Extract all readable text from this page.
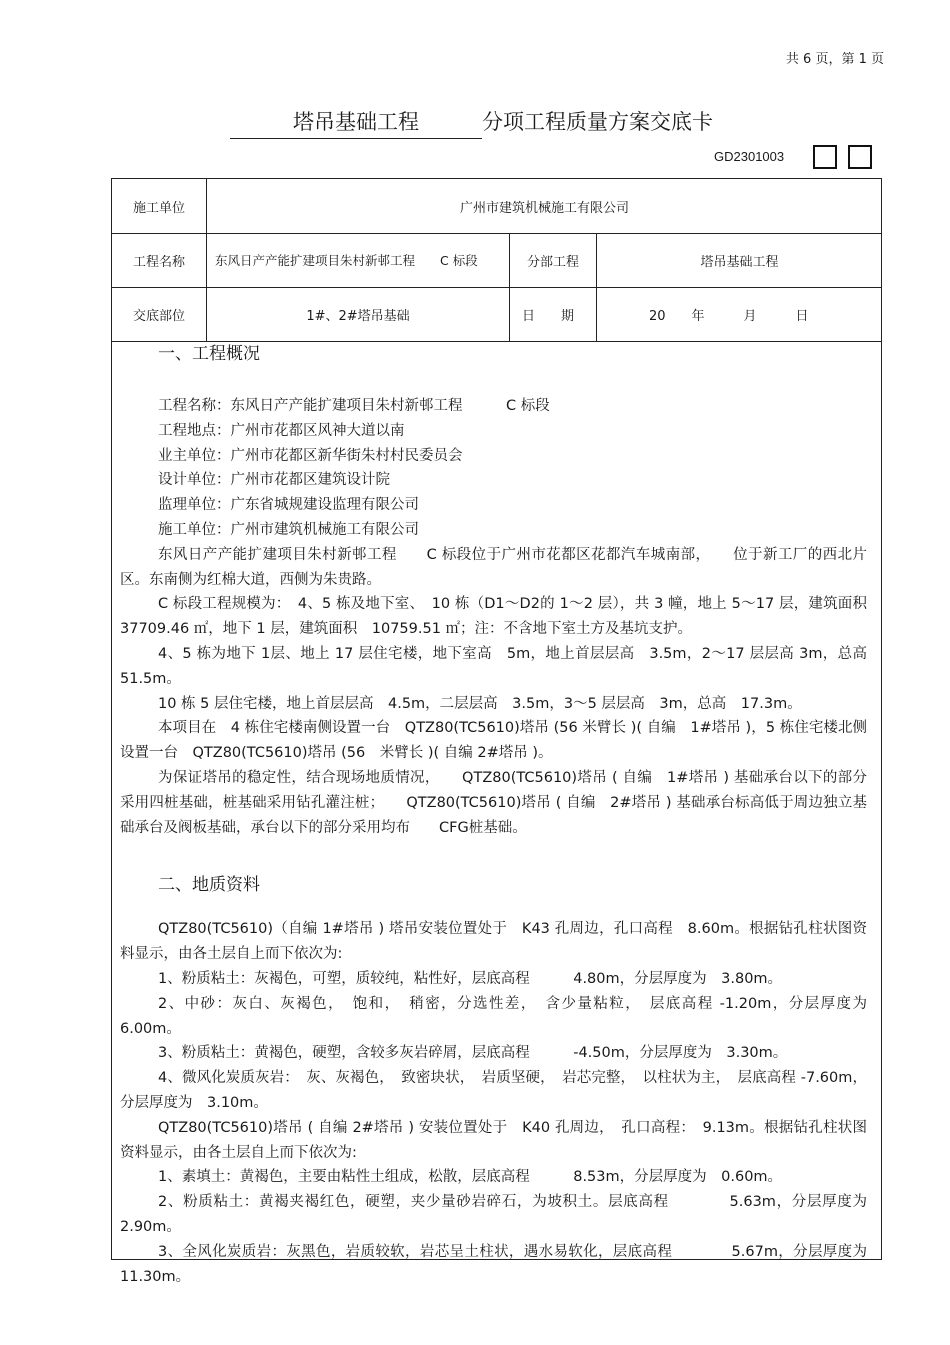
共 6 页，第 1 页
塔吊基础工程	分项工程质量方案交底卡
GD2301003
施工单位	广州市建筑机械施工有限公司
工程名称	东风日产产能扩建项目朱村新邨工程　　C 标段	分部工程	塔吊基础工程
交底部位	1#、2#塔吊基础	日　　期	20　　年　　　月　　　日
一、工程概况

工程名称：东风日产产能扩建项目朱村新邨工程　　　C 标段

工程地点：广州市花都区风神大道以南

业主单位：广州市花都区新华街朱村村民委员会

设计单位：广州市花都区建筑设计院

监理单位：广东省城规建设监理有限公司

施工单位：广州市建筑机械施工有限公司

东风日产产能扩建项目朱村新邨工程　　C 标段位于广州市花都区花都汽车城南部，　　位于新工厂的西北片区。东南侧为红棉大道，西侧为朱贵路。

C 标段工程规模为：　4、5 栋及地下室、　10 栋（D1～D2的 1～2 层），共 3 幢，地上 5～17 层，建筑面积 37709.46 ㎡，地下 1 层，建筑面积　10759.51 ㎡；注：不含地下室土方及基坑支护。

4、5 栋为地下 1层、地上 17 层住宅楼，地下室高　5m，地上首层层高　3.5m，2～17 层层高 3m，总高 51.5m。

10 栋 5 层住宅楼，地上首层层高　4.5m，二层层高　3.5m，3～5 层层高　3m，总高　17.3m。

本项目在　4 栋住宅楼南侧设置一台　QTZ80(TC5610)塔吊 (56 米臂长 )( 自编　1#塔吊 )，5 栋住宅楼北侧设置一台　QTZ80(TC5610)塔吊 (56　米臂长 )( 自编 2#塔吊 )。

为保证塔吊的稳定性，结合现场地质情况，　　QTZ80(TC5610)塔吊 ( 自编　1#塔吊 ) 基础承台以下的部分采用四桩基础，桩基础采用钻孔灌注桩；　　QTZ80(TC5610)塔吊 ( 自编　2#塔吊 ) 基础承台标高低于周边独立基础承台及阀板基础，承台以下的部分采用均布　　CFG桩基础。

二、地质资料

QTZ80(TC5610)（自编 1#塔吊 ) 塔吊安装位置处于　K43 孔周边，孔口高程　8.60m。根据钻孔柱状图资料显示，由各土层自上而下依次为:

1、粉质粘土：灰褐色，可塑，质较纯，粘性好，层底高程　　　4.80m，分层厚度为　3.80m。

2、中砂：灰白、灰褐色，　饱和，　稍密，分选性差，　含少量粘粒，　层底高程 -1.20m，分层厚度为　6.00m。

3、粉质粘土：黄褐色，硬塑，含较多灰岩碎屑，层底高程　　　-4.50m，分层厚度为　3.30m。

4、微风化炭质灰岩：　灰、灰褐色，　致密块状，　岩质坚硬，　岩芯完整，　以柱状为主，　层底高程 -7.60m，分层厚度为　3.10m。

QTZ80(TC5610)塔吊 ( 自编 2#塔吊 ) 安装位置处于　K40 孔周边，　孔口高程：　9.13m。根据钻孔柱状图资料显示，由各土层自上而下依次为:

1、素填土：黄褐色，主要由粘性土组成，松散，层底高程　　　8.53m，分层厚度为　0.60m。

2、粉质粘土：黄褐夹褐红色，硬塑，夹少量砂岩碎石，为坡积土。层底高程　　　　5.63m，分层厚度为 2.90m。

3、全风化炭质岩：灰黑色，岩质较软，岩芯呈土柱状，遇水易软化，层底高程　　　　5.67m，分层厚度为 11.30m。
